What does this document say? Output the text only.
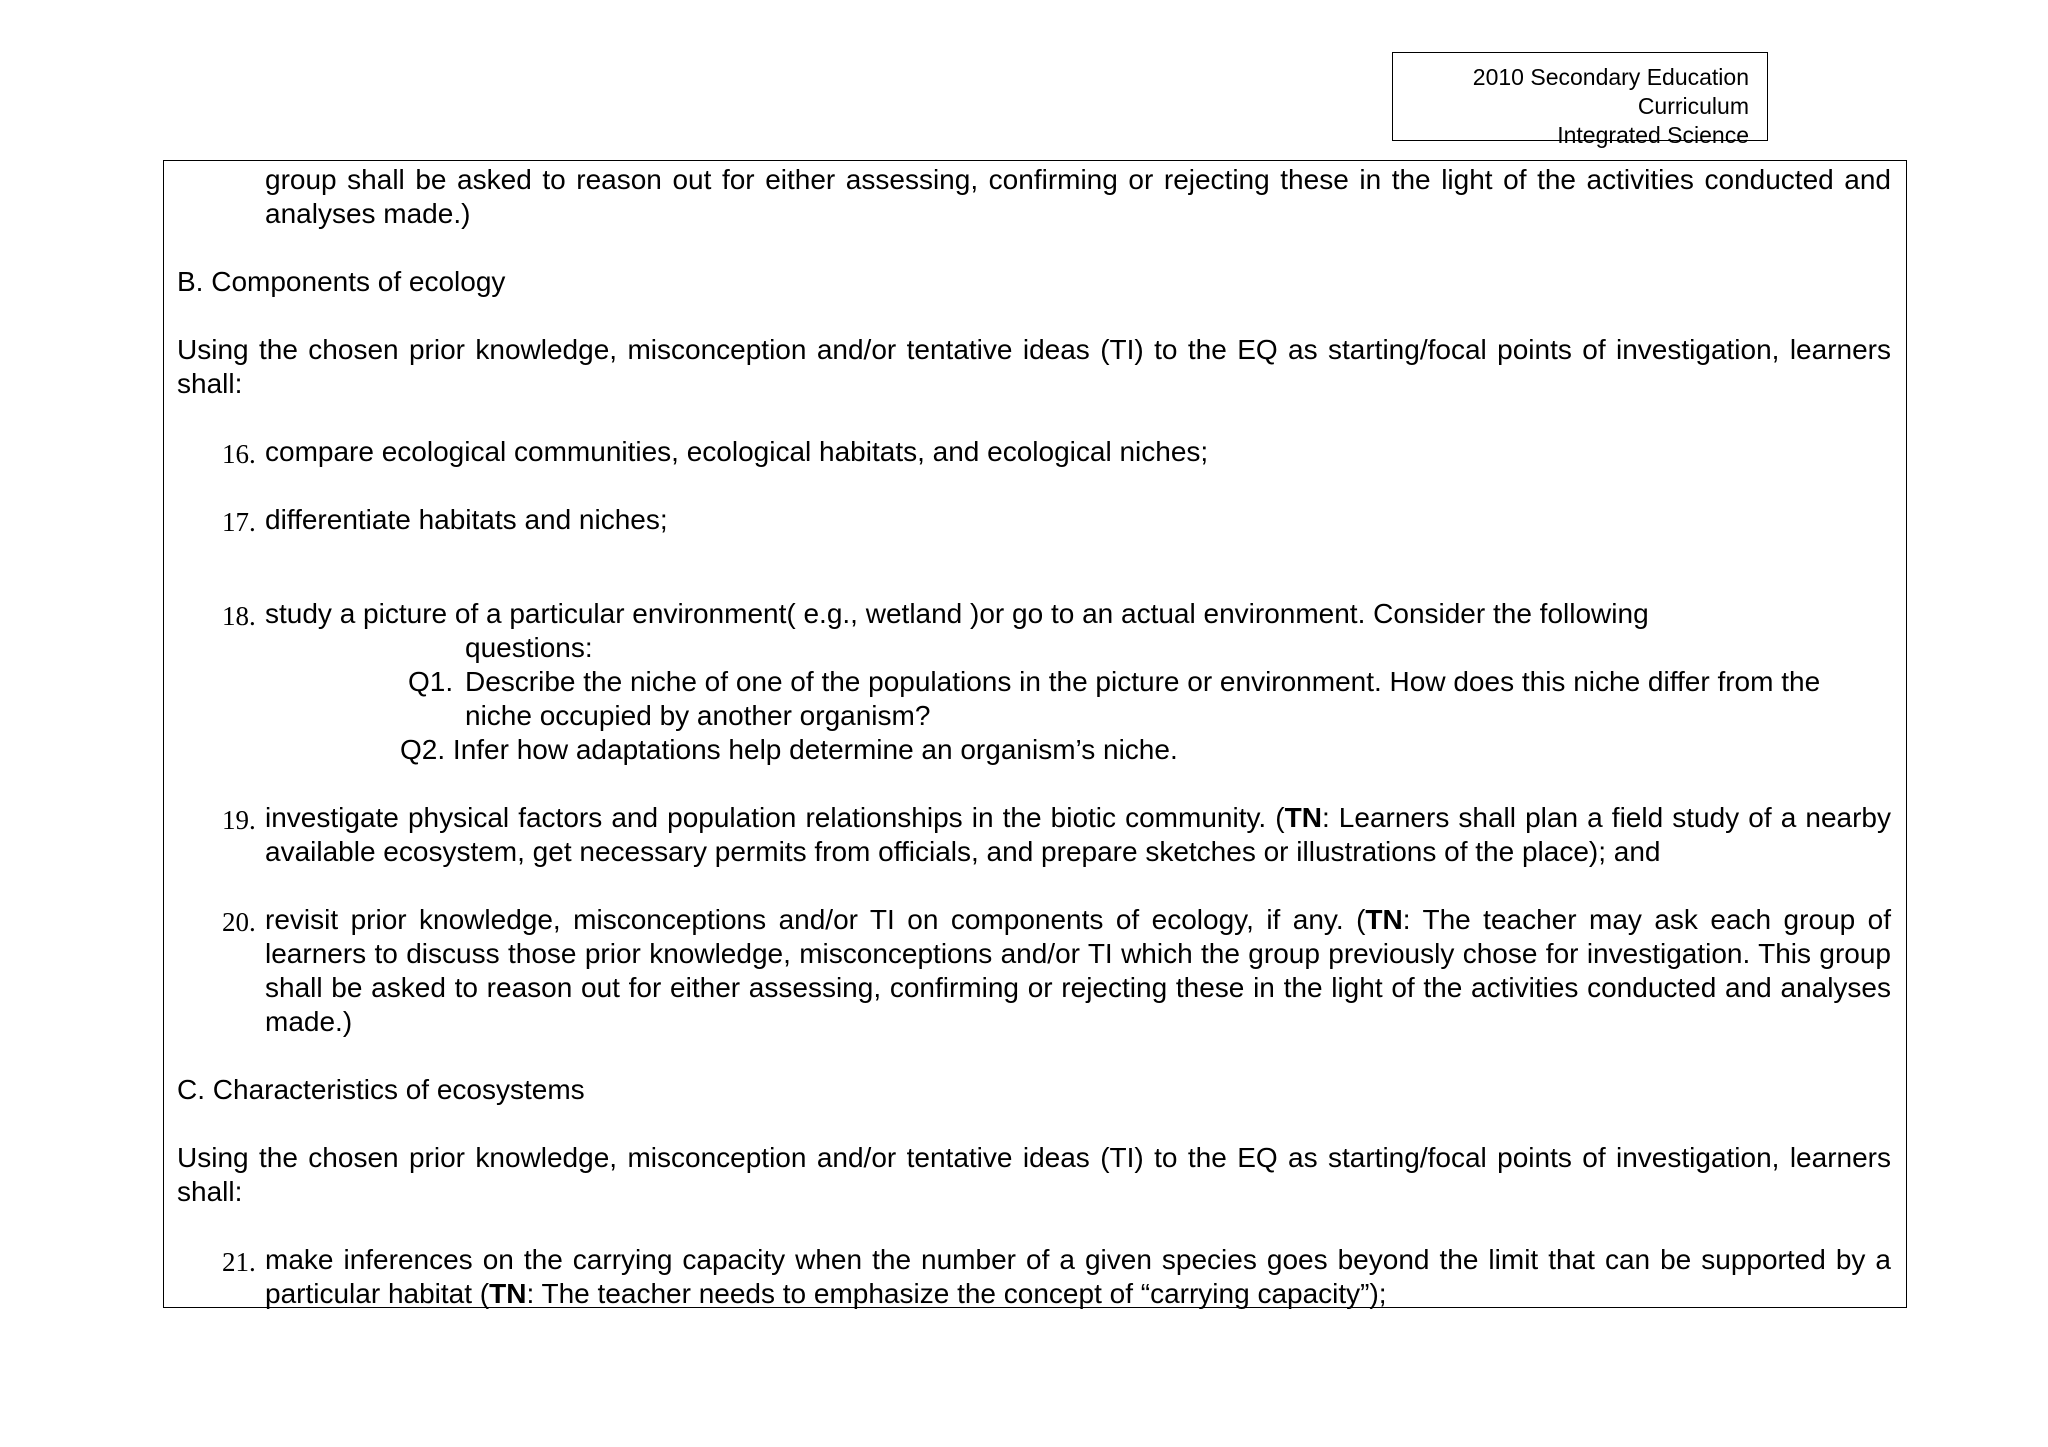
2010 Secondary Education Curriculum
Integrated Science
group shall be asked to reason out for either assessing, confirming or rejecting these in the light of the activities conducted and analyses made.)
B. Components of ecology
Using the chosen prior knowledge, misconception and/or tentative ideas (TI) to the EQ as starting/focal points of investigation, learners shall:
16. compare ecological communities, ecological habitats, and ecological niches;
17. differentiate habitats and niches;
18. study a picture of a particular environment( e.g., wetland )or go to an actual environment. Consider the following
questions:
Q1. Describe the niche of one of the populations in the picture or environment. How does this niche differ from the
niche occupied by another organism?
Q2. Infer how adaptations help determine an organism’s niche.
19. investigate physical factors and population relationships in the biotic community. (TN: Learners shall plan a field study of a nearby available ecosystem, get necessary permits from officials, and prepare sketches or illustrations of the place); and
20. revisit prior knowledge, misconceptions and/or TI on components of ecology, if any. (TN: The teacher may ask each group of learners to discuss those prior knowledge, misconceptions and/or TI which the group previously chose for investigation. This group shall be asked to reason out for either assessing, confirming or rejecting these in the light of the activities conducted and analyses made.)
C. Characteristics of ecosystems
Using the chosen prior knowledge, misconception and/or tentative ideas (TI) to the EQ as starting/focal points of investigation, learners shall:
21. make inferences on the carrying capacity when the number of a given species goes beyond the limit that can be supported by a particular habitat (TN: The teacher needs to emphasize the concept of “carrying capacity”);
